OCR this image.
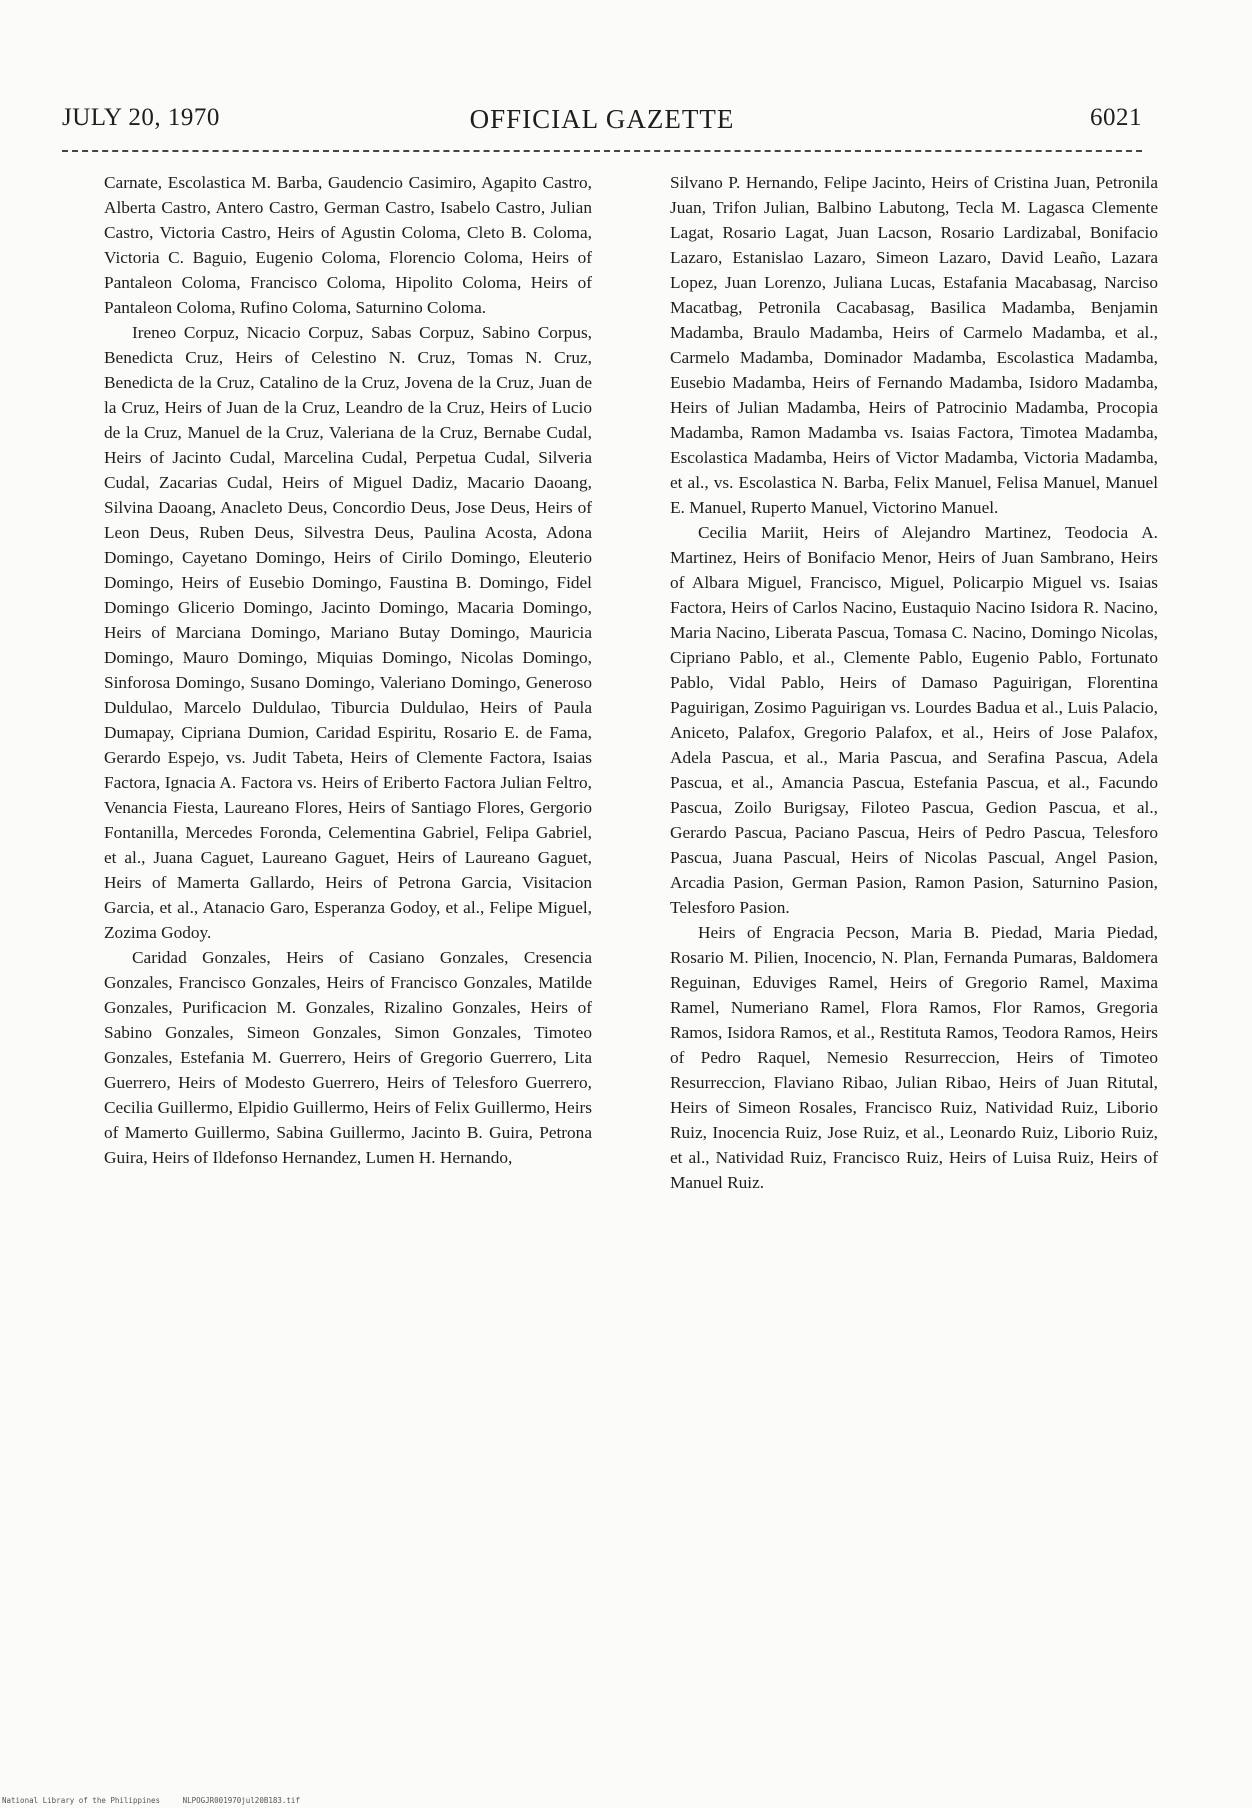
JULY 20, 1970	OFFICIAL GAZETTE	6021

Carnate, Escolastica M. Barba, Gaudencio Casimiro, Agapito Castro, Alberta Castro, Antero Castro, German Castro, Isabelo Castro, Julian Castro, Victoria Castro, Heirs of Agustin Coloma, Cleto B. Coloma, Victoria C. Baguio, Eugenio Coloma, Florencio Coloma, Heirs of Pantaleon Coloma, Francisco Coloma, Hipolito Coloma, Heirs of Pantaleon Coloma, Rufino Coloma, Saturnino Coloma.

Ireneo Corpuz, Nicacio Corpuz, Sabas Corpuz, Sabino Corpus, Benedicta Cruz, Heirs of Celestino N. Cruz, Tomas N. Cruz, Benedicta de la Cruz, Catalino de la Cruz, Jovena de la Cruz, Juan de la Cruz, Heirs of Juan de la Cruz, Leandro de la Cruz, Heirs of Lucio de la Cruz, Manuel de la Cruz, Valeriana de la Cruz, Bernabe Cudal, Heirs of Jacinto Cudal, Marcelina Cudal, Perpetua Cudal, Silveria Cudal, Zacarias Cudal, Heirs of Miguel Dadiz, Macario Daoang, Silvina Daoang, Anacleto Deus, Concordio Deus, Jose Deus, Heirs of Leon Deus, Ruben Deus, Silvestra Deus, Paulina Acosta, Adona Domingo, Cayetano Domingo, Heirs of Cirilo Domingo, Eleuterio Domingo, Heirs of Eusebio Domingo, Faustina B. Domingo, Fidel Domingo Glicerio Domingo, Jacinto Domingo, Macaria Domingo, Heirs of Marciana Domingo, Mariano Butay Domingo, Mauricia Domingo, Mauro Domingo, Miquias Domingo, Nicolas Domingo, Sinforosa Domingo, Susano Domingo, Valeriano Domingo, Generoso Duldulao, Marcelo Duldulao, Tiburcia Duldulao, Heirs of Paula Dumapay, Cipriana Dumion, Caridad Espiritu, Rosario E. de Fama, Gerardo Espejo, vs. Judit Tabeta, Heirs of Clemente Factora, Isaias Factora, Ignacia A. Factora vs. Heirs of Eriberto Factora Julian Feltro, Venancia Fiesta, Laureano Flores, Heirs of Santiago Flores, Gergorio Fontanilla, Mercedes Foronda, Celementina Gabriel, Felipa Gabriel, et al., Juana Caguet, Laureano Gaguet, Heirs of Laureano Gaguet, Heirs of Mamerta Gallardo, Heirs of Petrona Garcia, Visitacion Garcia, et al., Atanacio Garo, Esperanza Godoy, et al., Felipe Miguel, Zozima Godoy.

Caridad Gonzales, Heirs of Casiano Gonzales, Cresencia Gonzales, Francisco Gonzales, Heirs of Francisco Gonzales, Matilde Gonzales, Purificacion M. Gonzales, Rizalino Gonzales, Heirs of Sabino Gonzales, Simeon Gonzales, Simon Gonzales, Timoteo Gonzales, Estefania M. Guerrero, Heirs of Gregorio Guerrero, Lita Guerrero, Heirs of Modesto Guerrero, Heirs of Telesforo Guerrero, Cecilia Guillermo, Elpidio Guillermo, Heirs of Felix Guillermo, Heirs of Mamerto Guillermo, Sabina Guillermo, Jacinto B. Guira, Petrona Guira, Heirs of Ildefonso Hernandez, Lumen H. Hernando,

Silvano P. Hernando, Felipe Jacinto, Heirs of Cristina Juan, Petronila Juan, Trifon Julian, Balbino Labutong, Tecla M. Lagasca Clemente Lagat, Rosario Lagat, Juan Lacson, Rosario Lardizabal, Bonifacio Lazaro, Estanislao Lazaro, Simeon Lazaro, David Leaño, Lazara Lopez, Juan Lorenzo, Juliana Lucas, Estafania Macabasag, Narciso Macatbag, Petronila Cacabasag, Basilica Madamba, Benjamin Madamba, Braulo Madamba, Heirs of Carmelo Madamba, et al., Carmelo Madamba, Dominador Madamba, Escolastica Madamba, Eusebio Madamba, Heirs of Fernando Madamba, Isidoro Madamba, Heirs of Julian Madamba, Heirs of Patrocinio Madamba, Procopia Madamba, Ramon Madamba vs. Isaias Factora, Timotea Madamba, Escolastica Madamba, Heirs of Victor Madamba, Victoria Madamba, et al., vs. Escolastica N. Barba, Felix Manuel, Felisa Manuel, Manuel E. Manuel, Ruperto Manuel, Victorino Manuel.

Cecilia Mariit, Heirs of Alejandro Martinez, Teodocia A. Martinez, Heirs of Bonifacio Menor, Heirs of Juan Sambrano, Heirs of Albara Miguel, Francisco, Miguel, Policarpio Miguel vs. Isaias Factora, Heirs of Carlos Nacino, Eustaquio Nacino Isidora R. Nacino, Maria Nacino, Liberata Pascua, Tomasa C. Nacino, Domingo Nicolas, Cipriano Pablo, et al., Clemente Pablo, Eugenio Pablo, Fortunato Pablo, Vidal Pablo, Heirs of Damaso Paguirigan, Florentina Paguirigan, Zosimo Paguirigan vs. Lourdes Badua et al., Luis Palacio, Aniceto, Palafox, Gregorio Palafox, et al., Heirs of Jose Palafox, Adela Pascua, et al., Maria Pascua, and Serafina Pascua, Adela Pascua, et al., Amancia Pascua, Estefania Pascua, et al., Facundo Pascua, Zoilo Burigsay, Filoteo Pascua, Gedion Pascua, et al., Gerardo Pascua, Paciano Pascua, Heirs of Pedro Pascua, Telesforo Pascua, Juana Pascual, Heirs of Nicolas Pascual, Angel Pasion, Arcadia Pasion, German Pasion, Ramon Pasion, Saturnino Pasion, Telesforo Pasion.

Heirs of Engracia Pecson, Maria B. Piedad, Maria Piedad, Rosario M. Pilien, Inocencio, N. Plan, Fernanda Pumaras, Baldomera Reguinan, Eduviges Ramel, Heirs of Gregorio Ramel, Maxima Ramel, Numeriano Ramel, Flora Ramos, Flor Ramos, Gregoria Ramos, Isidora Ramos, et al., Restituta Ramos, Teodora Ramos, Heirs of Pedro Raquel, Nemesio Resurreccion, Heirs of Timoteo Resurreccion, Flaviano Ribao, Julian Ribao, Heirs of Juan Ritutal, Heirs of Simeon Rosales, Francisco Ruiz, Natividad Ruiz, Liborio Ruiz, Inocencia Ruiz, Jose Ruiz, et al., Leonardo Ruiz, Liborio Ruiz, et al., Natividad Ruiz, Francisco Ruiz, Heirs of Luisa Ruiz, Heirs of Manuel Ruiz.

National Library of the Philippines	NLPOGJR001970jul20B183.tif
